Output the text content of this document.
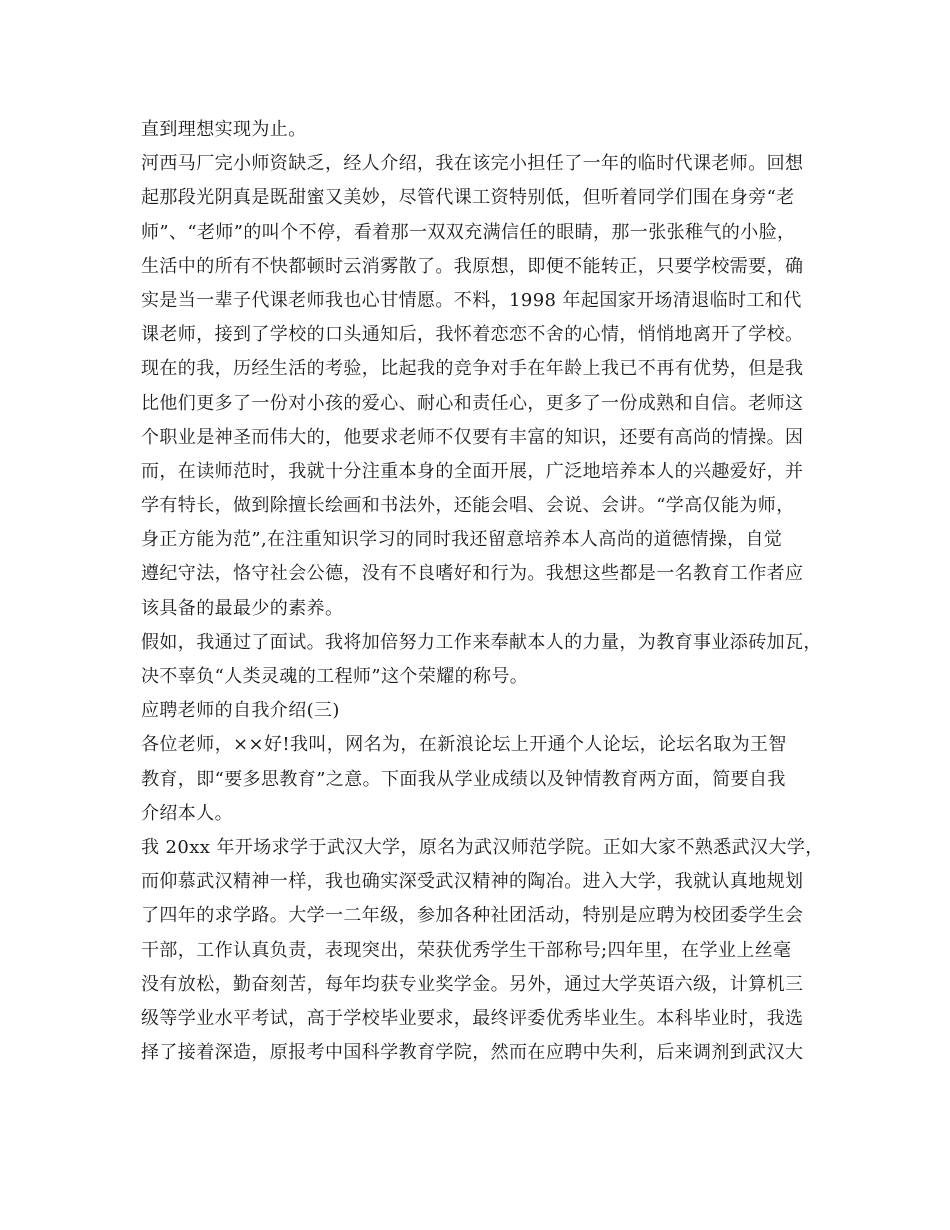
直到理想实现为止。
河西马厂完小师资缺乏，经人介绍，我在该完小担任了一年的临时代课老师。回想
起那段光阴真是既甜蜜又美妙，尽管代课工资特别低，但听着同学们围在身旁“老
师”、“老师”的叫个不停，看着那一双双充满信任的眼睛，那一张张稚气的小脸，
生活中的所有不快都顿时云消雾散了。我原想，即便不能转正，只要学校需要，确
实是当一辈子代课老师我也心甘情愿。不料，1998 年起国家开场清退临时工和代
课老师，接到了学校的口头通知后，我怀着恋恋不舍的心情，悄悄地离开了学校。
现在的我，历经生活的考验，比起我的竞争对手在年龄上我已不再有优势，但是我
比他们更多了一份对小孩的爱心、耐心和责任心，更多了一份成熟和自信。老师这
个职业是神圣而伟大的，他要求老师不仅要有丰富的知识，还要有高尚的情操。因
而，在读师范时，我就十分注重本身的全面开展，广泛地培养本人的兴趣爱好，并
学有特长，做到除擅长绘画和书法外，还能会唱、会说、会讲。“学高仅能为师，
身正方能为范”,在注重知识学习的同时我还留意培养本人高尚的道德情操，自觉
遵纪守法，恪守社会公德，没有不良嗜好和行为。我想这些都是一名教育工作者应
该具备的最最少的素养。
假如，我通过了面试。我将加倍努力工作来奉献本人的力量，为教育事业添砖加瓦，
决不辜负“人类灵魂的工程师”这个荣耀的称号。
应聘老师的自我介绍(三)
各位老师，××好!我叫，网名为，在新浪论坛上开通个人论坛，论坛名取为王智
教育，即“要多思教育”之意。下面我从学业成绩以及钟情教育两方面，简要自我
介绍本人。
我 20xx 年开场求学于武汉大学，原名为武汉师范学院。正如大家不熟悉武汉大学，
而仰慕武汉精神一样，我也确实深受武汉精神的陶冶。进入大学，我就认真地规划
了四年的求学路。大学一二年级，参加各种社团活动，特别是应聘为校团委学生会
干部，工作认真负责，表现突出，荣获优秀学生干部称号;四年里，在学业上丝毫
没有放松，勤奋刻苦，每年均获专业奖学金。另外，通过大学英语六级，计算机三
级等学业水平考试，高于学校毕业要求，最终评委优秀毕业生。本科毕业时，我选
择了接着深造，原报考中国科学教育学院，然而在应聘中失利，后来调剂到武汉大
